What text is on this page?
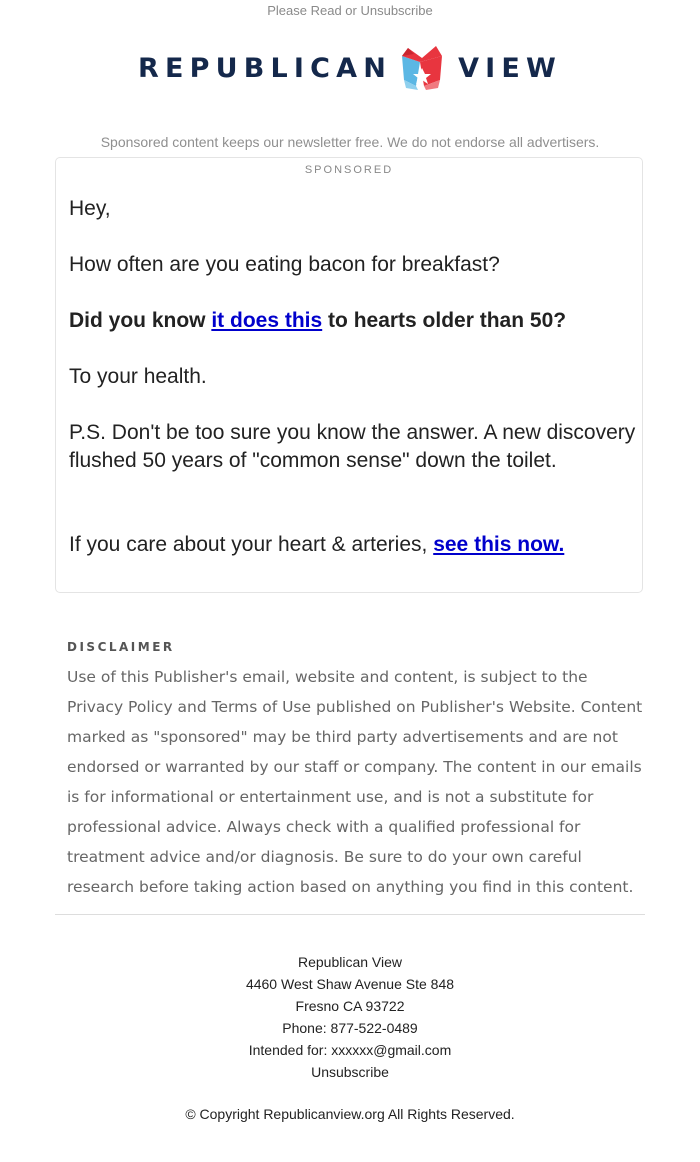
Please Read or Unsubscribe
REPUBLICAN VIEW
Sponsored content keeps our newsletter free. We do not endorse all advertisers.
SPONSORED

Hey,

How often are you eating bacon for breakfast?

Did you know it does this to hearts older than 50?

To your health.

P.S. Don't be too sure you know the answer. A new discovery flushed 50 years of "common sense" down the toilet.

If you care about your heart & arteries, see this now.

DISCLAIMER

Use of this Publisher's email, website and content, is subject to the Privacy Policy and Terms of Use published on Publisher's Website. Content marked as "sponsored" may be third party advertisements and are not endorsed or warranted by our staff or company. The content in our emails is for informational or entertainment use, and is not a substitute for professional advice. Always check with a qualified professional for treatment advice and/or diagnosis. Be sure to do your own careful research before taking action based on anything you find in this content.

Republican View
4460 West Shaw Avenue Ste 848
Fresno CA 93722
Phone: 877-522-0489
Intended for: xxxxxx@gmail.com
Unsubscribe
© Copyright Republicanview.org All Rights Reserved.
